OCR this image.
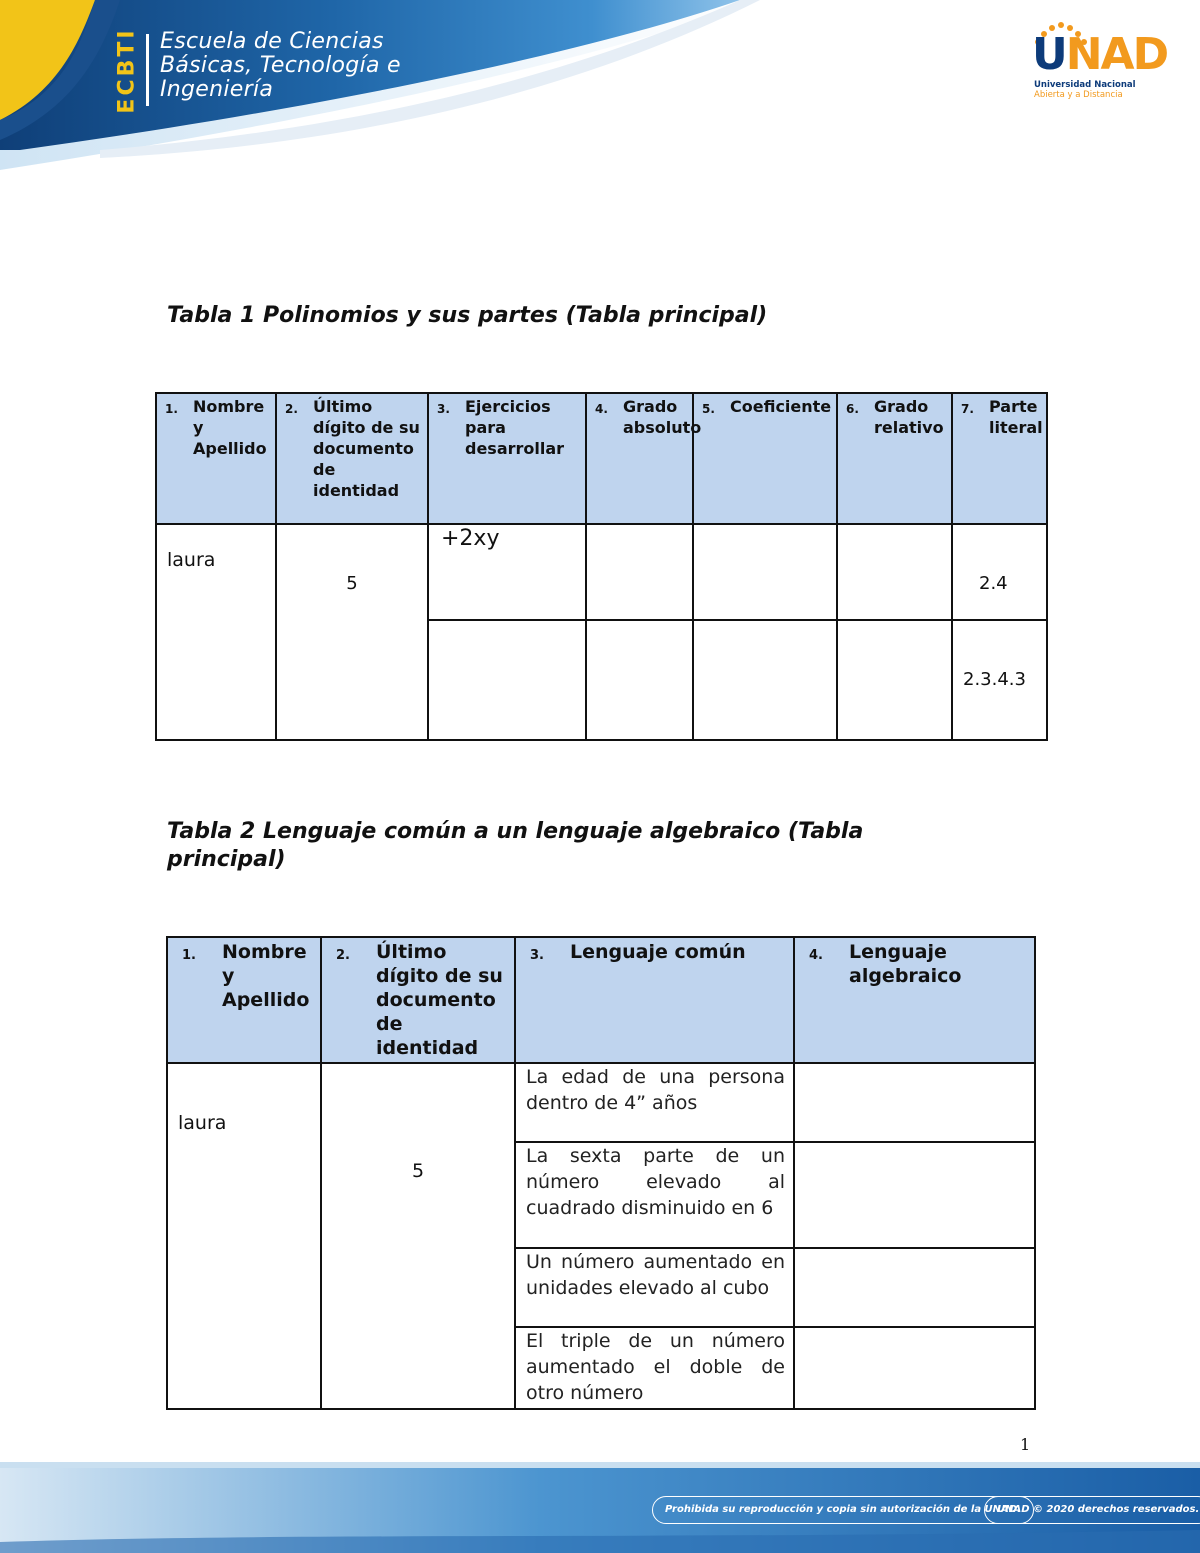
ECBTI Escuela de Ciencias
Básicas, Tecnología e
Ingeniería
UNAD
Universidad Nacional
Abierta y a Distancia
Tabla 1 Polinomios y sus partes (Tabla principal)
1. Nombre y Apellido	2. Último dígito de su documento de identidad	3. Ejercicios para desarrollar	4. Grado absoluto	5. Coeficiente	6. Grado relativo	7. Parte literal

laura	5	+2xy				2.4

						2.3.4.3
Tabla 2 Lenguaje común a un lenguaje algebraico (Tabla principal)
1. Nombre y Apellido	2. Último dígito de su documento de identidad	3. Lenguaje común	4. Lenguaje algebraico

laura	5	La edad de una persona dentro de 4” años	

		La sexta parte de un número elevado al cuadrado disminuido en 6	

		Un número aumentado en  unidades elevado al cubo	

		El triple de un número aumentado el doble de otro número	

1
Prohibida su reproducción y copia sin autorización de la UNAD.
UNAD © 2020 derechos reservados.
